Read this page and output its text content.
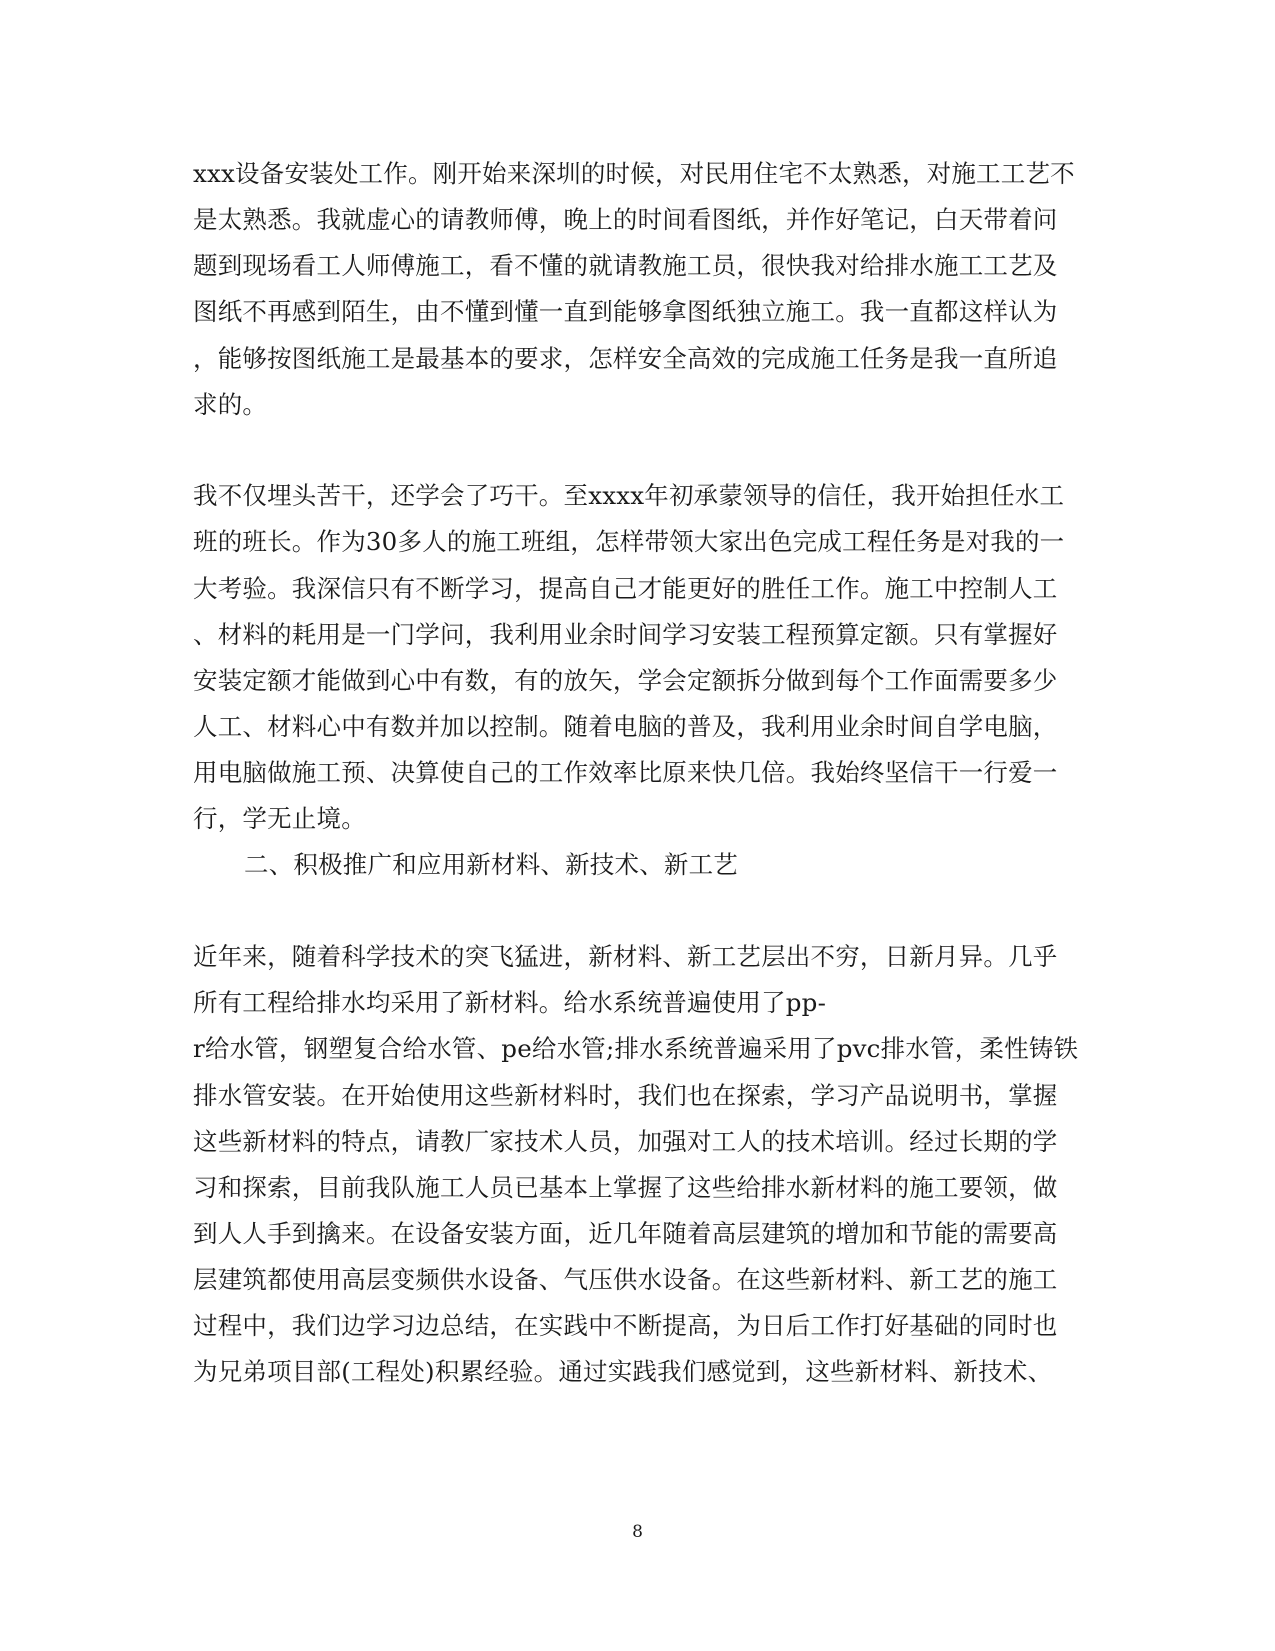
xxx设备安装处工作。刚开始来深圳的时候，对民用住宅不太熟悉，对施工工艺不
是太熟悉。我就虚心的请教师傅，晚上的时间看图纸，并作好笔记，白天带着问
题到现场看工人师傅施工，看不懂的就请教施工员，很快我对给排水施工工艺及
图纸不再感到陌生，由不懂到懂一直到能够拿图纸独立施工。我一直都这样认为
，能够按图纸施工是最基本的要求，怎样安全高效的完成施工任务是我一直所追
求的。
我不仅埋头苦干，还学会了巧干。至xxxx年初承蒙领导的信任，我开始担任水工
班的班长。作为30多人的施工班组，怎样带领大家出色完成工程任务是对我的一
大考验。我深信只有不断学习，提高自己才能更好的胜任工作。施工中控制人工
、材料的耗用是一门学问，我利用业余时间学习安装工程预算定额。只有掌握好
安装定额才能做到心中有数，有的放矢，学会定额拆分做到每个工作面需要多少
人工、材料心中有数并加以控制。随着电脑的普及，我利用业余时间自学电脑，
用电脑做施工预、决算使自己的工作效率比原来快几倍。我始终坚信干一行爱一
行，学无止境。
二、积极推广和应用新材料、新技术、新工艺
近年来，随着科学技术的突飞猛进，新材料、新工艺层出不穷，日新月异。几乎
所有工程给排水均采用了新材料。给水系统普遍使用了pp-
r给水管，钢塑复合给水管、pe给水管;排水系统普遍采用了pvc排水管，柔性铸铁
排水管安装。在开始使用这些新材料时，我们也在探索，学习产品说明书，掌握
这些新材料的特点，请教厂家技术人员，加强对工人的技术培训。经过长期的学
习和探索，目前我队施工人员已基本上掌握了这些给排水新材料的施工要领，做
到人人手到擒来。在设备安装方面，近几年随着高层建筑的增加和节能的需要高
层建筑都使用高层变频供水设备、气压供水设备。在这些新材料、新工艺的施工
过程中，我们边学习边总结，在实践中不断提高，为日后工作打好基础的同时也
为兄弟项目部(工程处)积累经验。通过实践我们感觉到，这些新材料、新技术、
8
